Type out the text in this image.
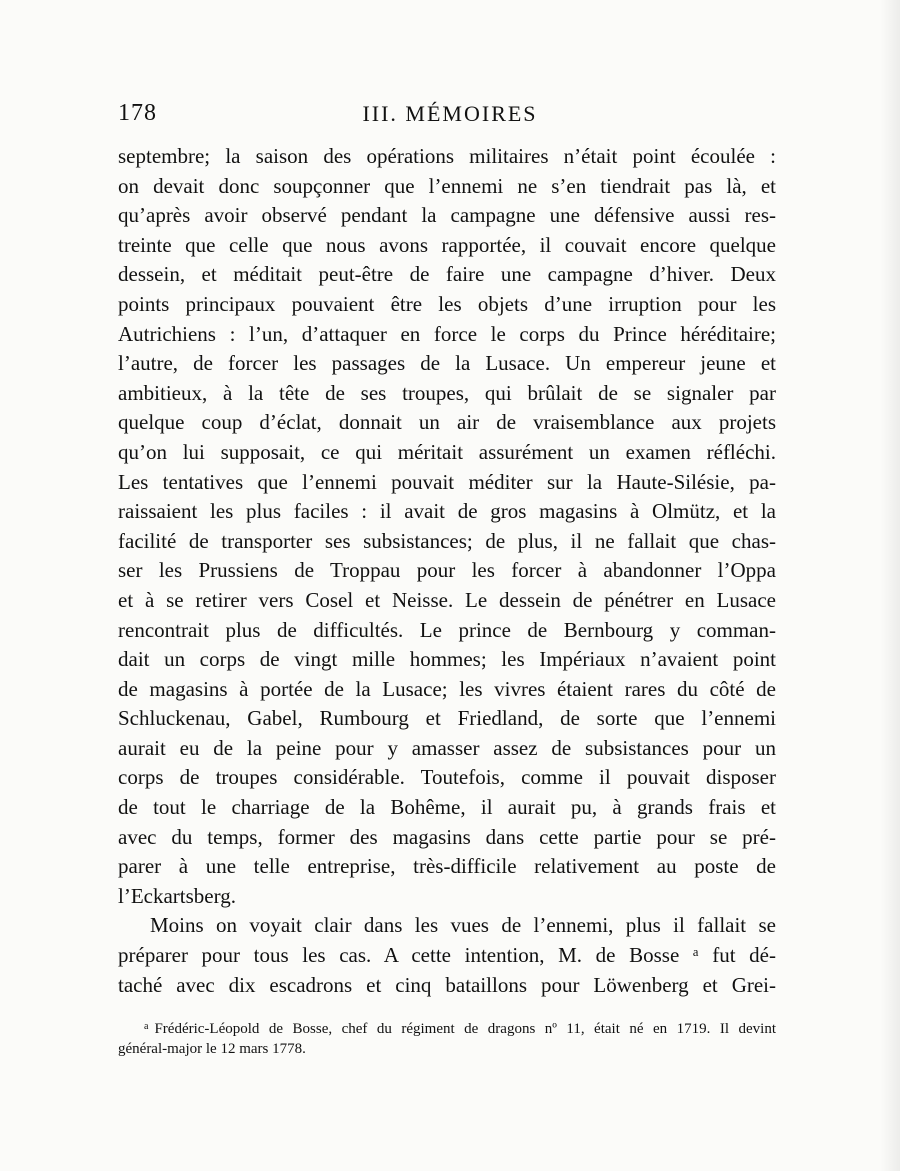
178	III. MÉMOIRES
septembre; la saison des opérations militaires n’était point écoulée :
on devait donc soupçonner que l’ennemi ne s’en tiendrait pas là, et
qu’après avoir observé pendant la campagne une défensive aussi res-
treinte que celle que nous avons rapportée, il couvait encore quelque
dessein, et méditait peut-être de faire une campagne d’hiver. Deux
points principaux pouvaient être les objets d’une irruption pour les
Autrichiens : l’un, d’attaquer en force le corps du Prince héréditaire;
l’autre, de forcer les passages de la Lusace. Un empereur jeune et
ambitieux, à la tête de ses troupes, qui brûlait de se signaler par
quelque coup d’éclat, donnait un air de vraisemblance aux projets
qu’on lui supposait, ce qui méritait assurément un examen réfléchi.
Les tentatives que l’ennemi pouvait méditer sur la Haute-Silésie, pa-
raissaient les plus faciles : il avait de gros magasins à Olmütz, et la
facilité de transporter ses subsistances; de plus, il ne fallait que chas-
ser les Prussiens de Troppau pour les forcer à abandonner l’Oppa
et à se retirer vers Cosel et Neisse. Le dessein de pénétrer en Lusace
rencontrait plus de difficultés. Le prince de Bernbourg y comman-
dait un corps de vingt mille hommes; les Impériaux n’avaient point
de magasins à portée de la Lusace; les vivres étaient rares du côté de
Schluckenau, Gabel, Rumbourg et Friedland, de sorte que l’ennemi
aurait eu de la peine pour y amasser assez de subsistances pour un
corps de troupes considérable. Toutefois, comme il pouvait disposer
de tout le charriage de la Bohême, il aurait pu, à grands frais et
avec du temps, former des magasins dans cette partie pour se pré-
parer à une telle entreprise, très-difficile relativement au poste de
l’Eckartsberg.
Moins on voyait clair dans les vues de l’ennemi, plus il fallait se
préparer pour tous les cas. A cette intention, M. de Bosse ᵃ fut dé-
taché avec dix escadrons et cinq bataillons pour Löwenberg et Grei-
$^a$ Frédéric-Léopold de Bosse, chef du régiment de dragons nº 11, était né en 1719. Il devint
général-major le 12 mars 1778.
